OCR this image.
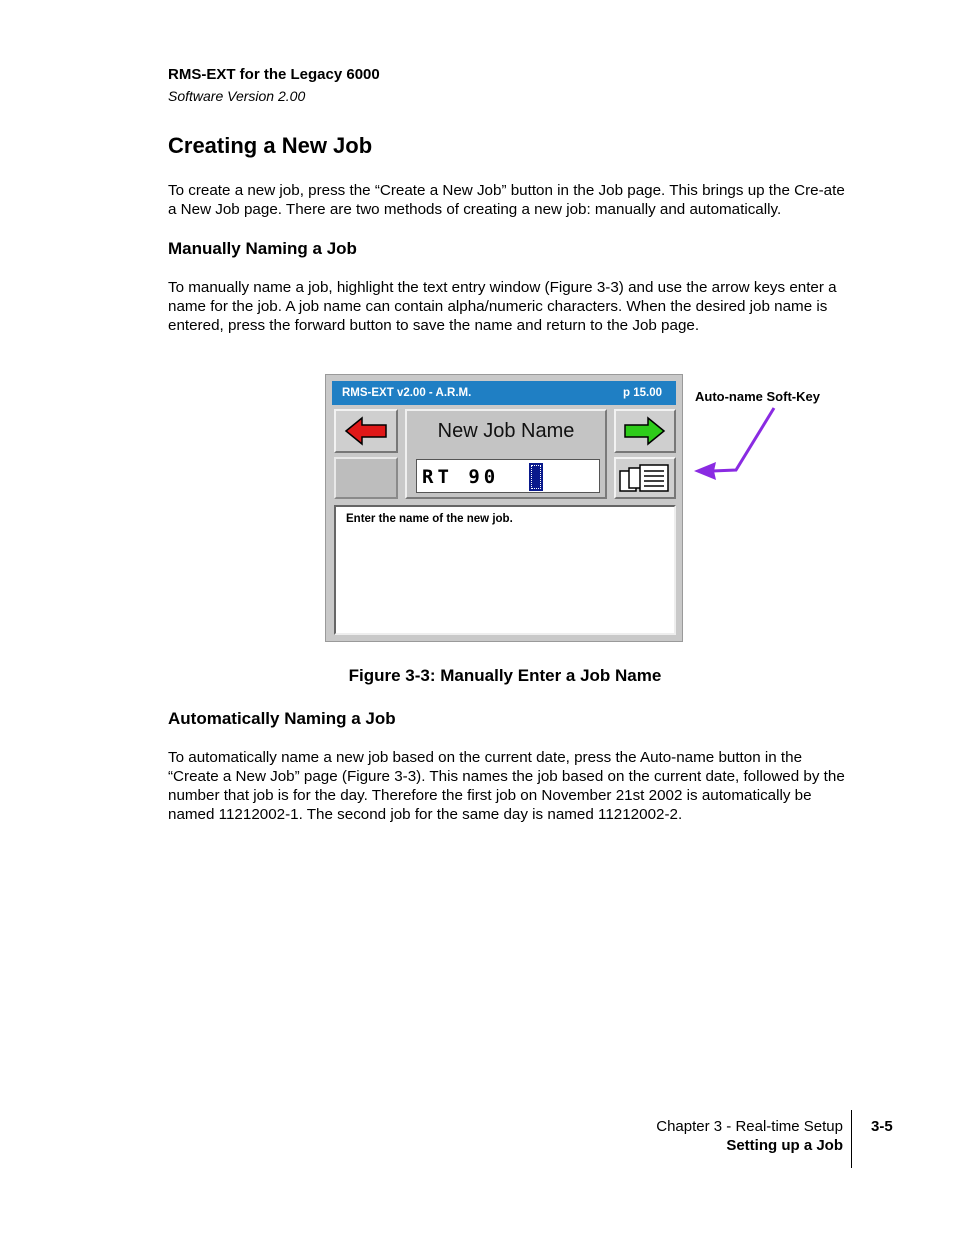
RMS-EXT for the Legacy 6000
Software Version 2.00
Creating a New Job
To create a new job, press the “Create a New Job” button in the Job page. This brings up the Cre-ate a New Job page. There are two methods of creating a new job: manually and automatically.
Manually Naming a Job
To manually name a job, highlight the text entry window (Figure 3-3) and use the arrow keys enter a name for the job. A job name can contain alpha/numeric characters. When the desired job name is entered, press the forward button to save the name and return to the Job page.
RMS-EXT v2.00 - A.R.M.	p 15.00
New Job Name
RT 90
Enter the name of the new job.
Auto-name Soft-Key
Figure 3-3: Manually Enter a Job Name
Automatically Naming a Job
To automatically name a new job based on the current date, press the Auto-name button in the “Create a New Job” page (Figure 3-3). This names the job based on the current date, followed by the number that job is for the day. Therefore the first job on November 21st 2002 is automatically be named 11212002-1. The second job for the same day is named 11212002-2.
Chapter 3 - Real-time Setup
Setting up a Job
3-5
